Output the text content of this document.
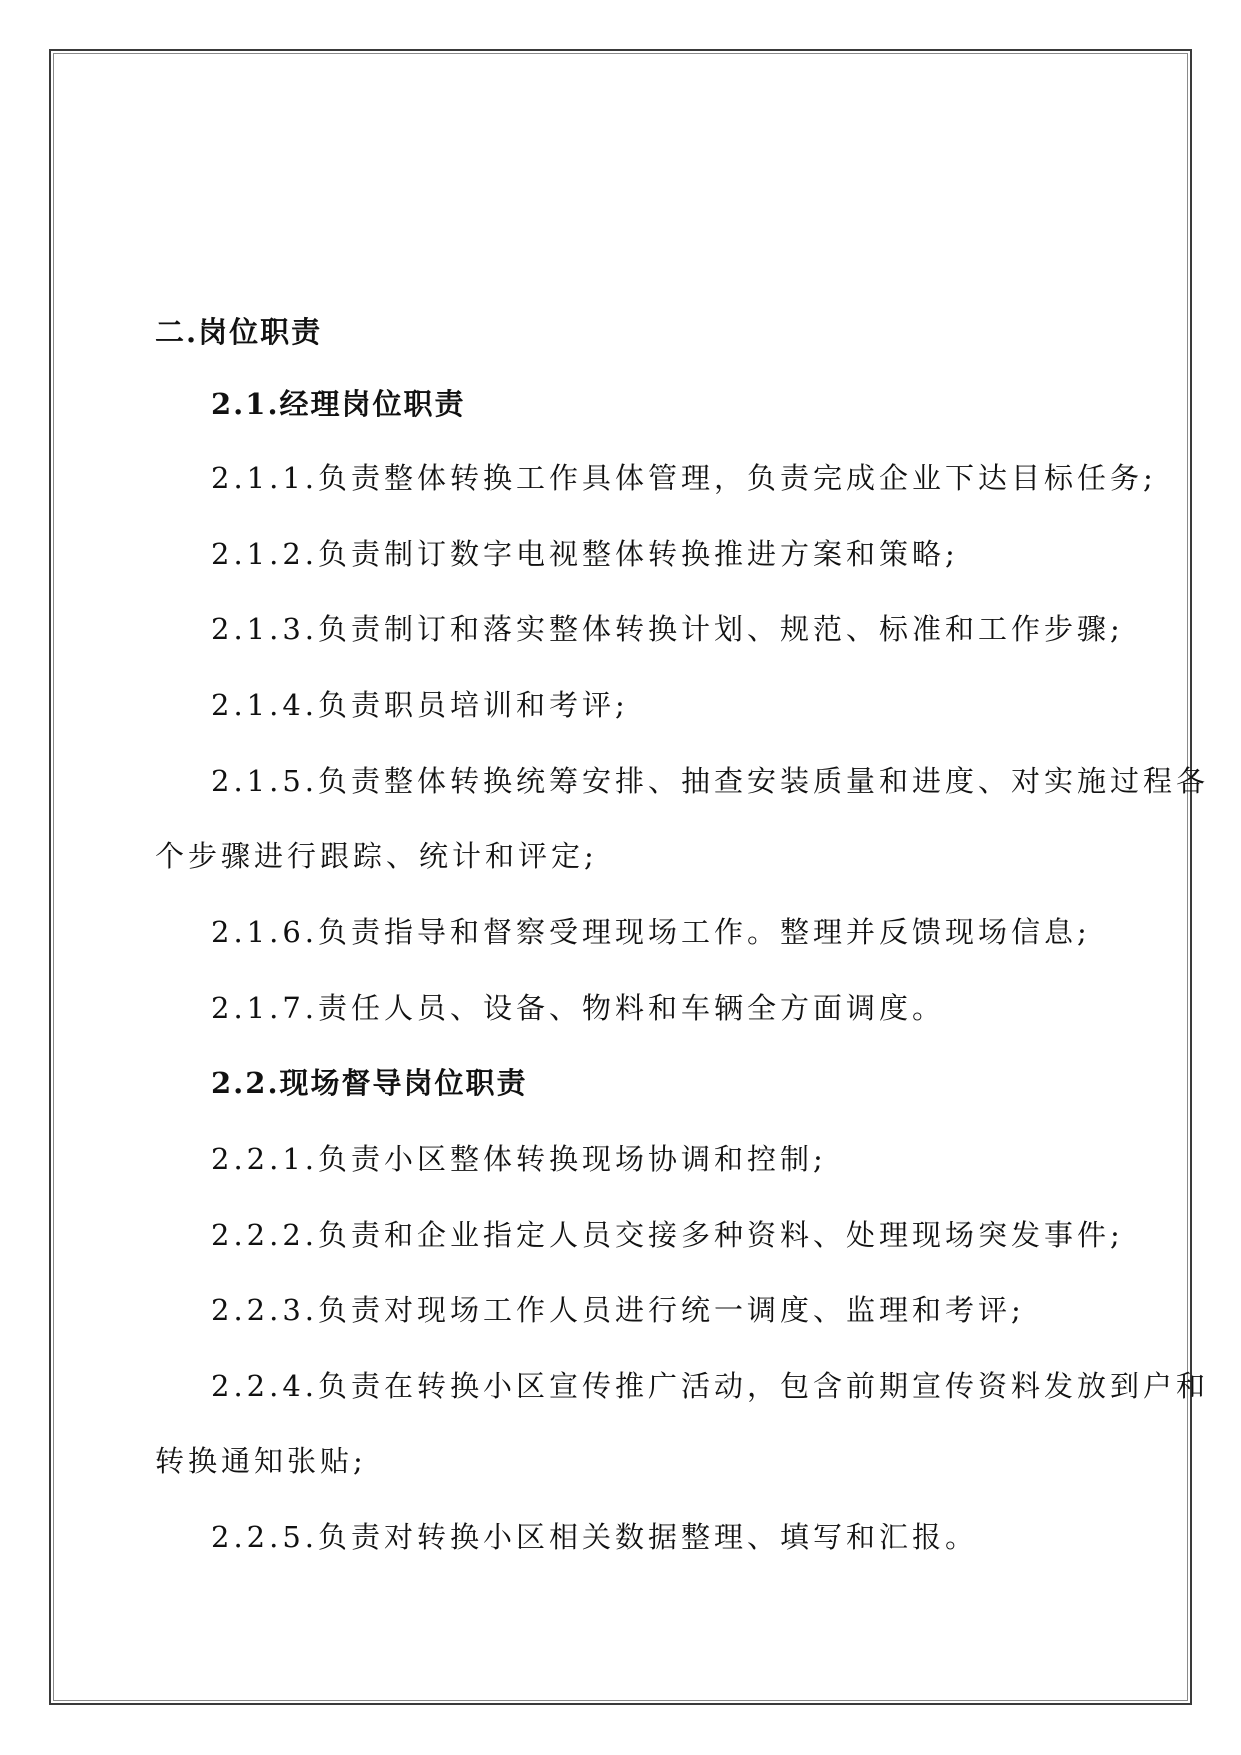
二.岗位职责
2.1.经理岗位职责
2.1.1.负责整体转换工作具体管理，负责完成企业下达目标任务;
2.1.2.负责制订数字电视整体转换推进方案和策略;
2.1.3.负责制订和落实整体转换计划、规范、标准和工作步骤;
2.1.4.负责职员培训和考评;
2.1.5.负责整体转换统筹安排、抽查安装质量和进度、对实施过程各
个步骤进行跟踪、统计和评定;
2.1.6.负责指导和督察受理现场工作。整理并反馈现场信息;
2.1.7.责任人员、设备、物料和车辆全方面调度。
2.2.现场督导岗位职责
2.2.1.负责小区整体转换现场协调和控制;
2.2.2.负责和企业指定人员交接多种资料、处理现场突发事件;
2.2.3.负责对现场工作人员进行统一调度、监理和考评;
2.2.4.负责在转换小区宣传推广活动，包含前期宣传资料发放到户和
转换通知张贴;
2.2.5.负责对转换小区相关数据整理、填写和汇报。
